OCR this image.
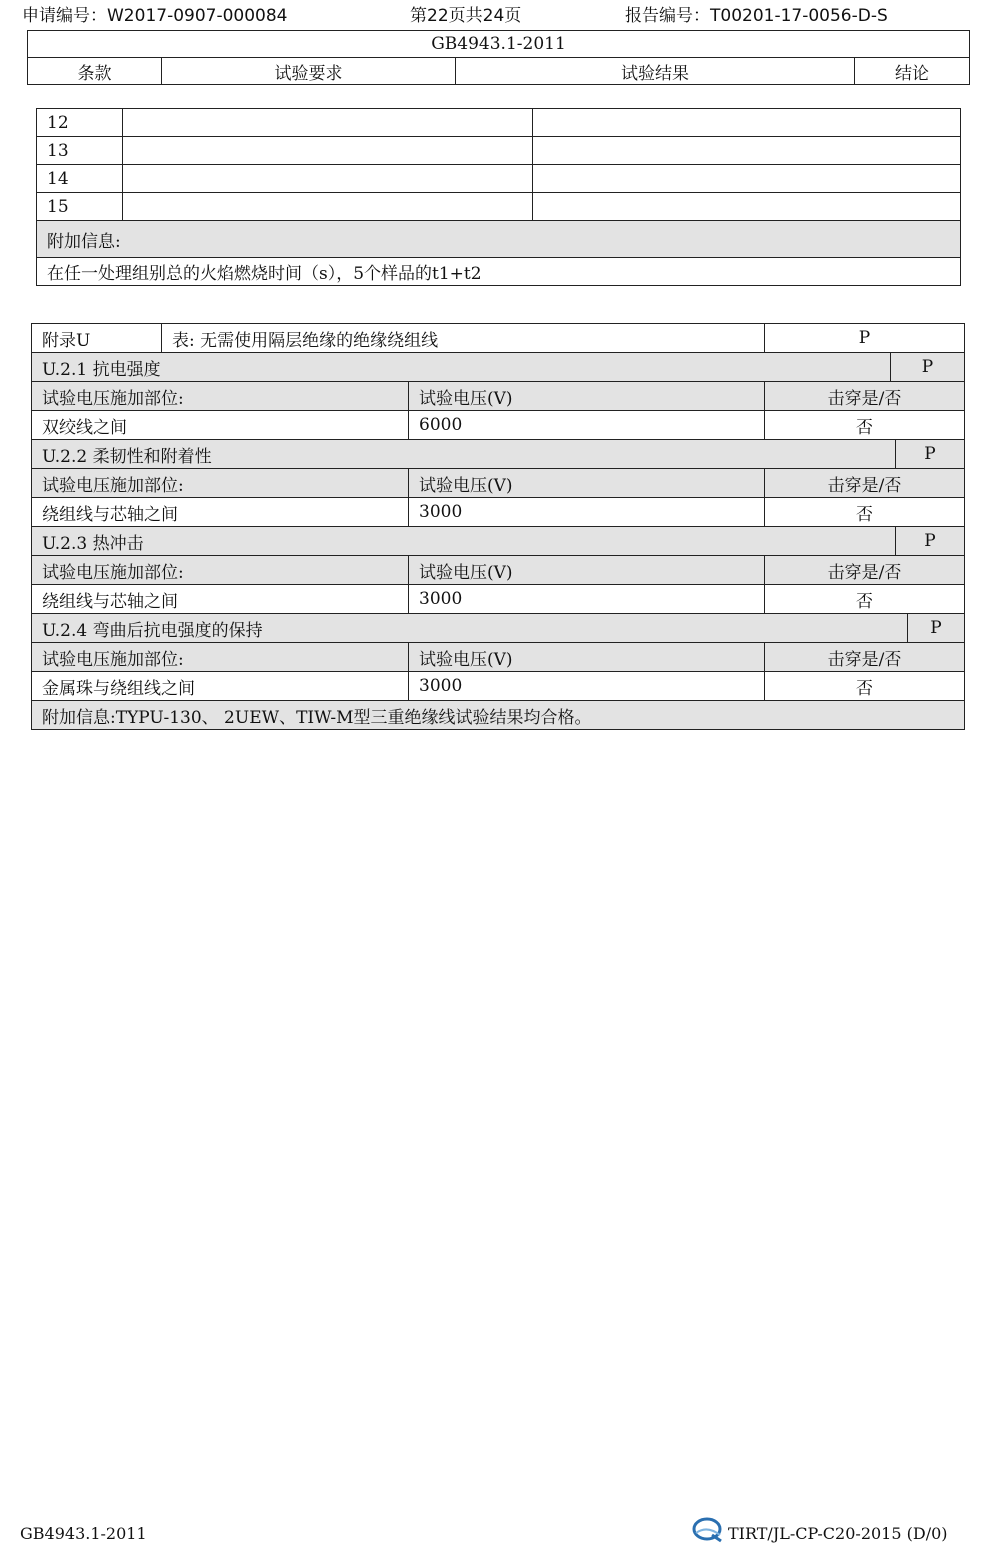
申请编号：W2017-0907-000084	第22页共24页	报告编号：T00201-17-0056-D-S
GB4943.1-2011
条款	试验要求	试验结果	结论
12		
13		
14		
15		
附加信息:		
在任一处理组别总的火焰燃烧时间（s），5个样品的t1+t2		
附录U	表: 无需使用隔层绝缘的绝缘绕组线		P			
U.2.1 抗电强度				P		
试验电压施加部位:		试验电压(V)	击穿是/否			
双绞线之间		6000	否			
U.2.2 柔韧性和附着性					P	
试验电压施加部位:		试验电压(V)	击穿是/否			
绕组线与芯轴之间		3000	否			
U.2.3 热冲击					P	
试验电压施加部位:		试验电压(V)	击穿是/否			
绕组线与芯轴之间		3000	否			
U.2.4 弯曲后抗电强度的保持						P
试验电压施加部位:		试验电压(V)	击穿是/否			
金属珠与绕组线之间		3000	否			
附加信息:TYPU-130、 2UEW、TIW-M型三重绝缘线试验结果均合格。						
GB4943.1-2011	TIRT/JL-CP-C20-2015 (D/0)
